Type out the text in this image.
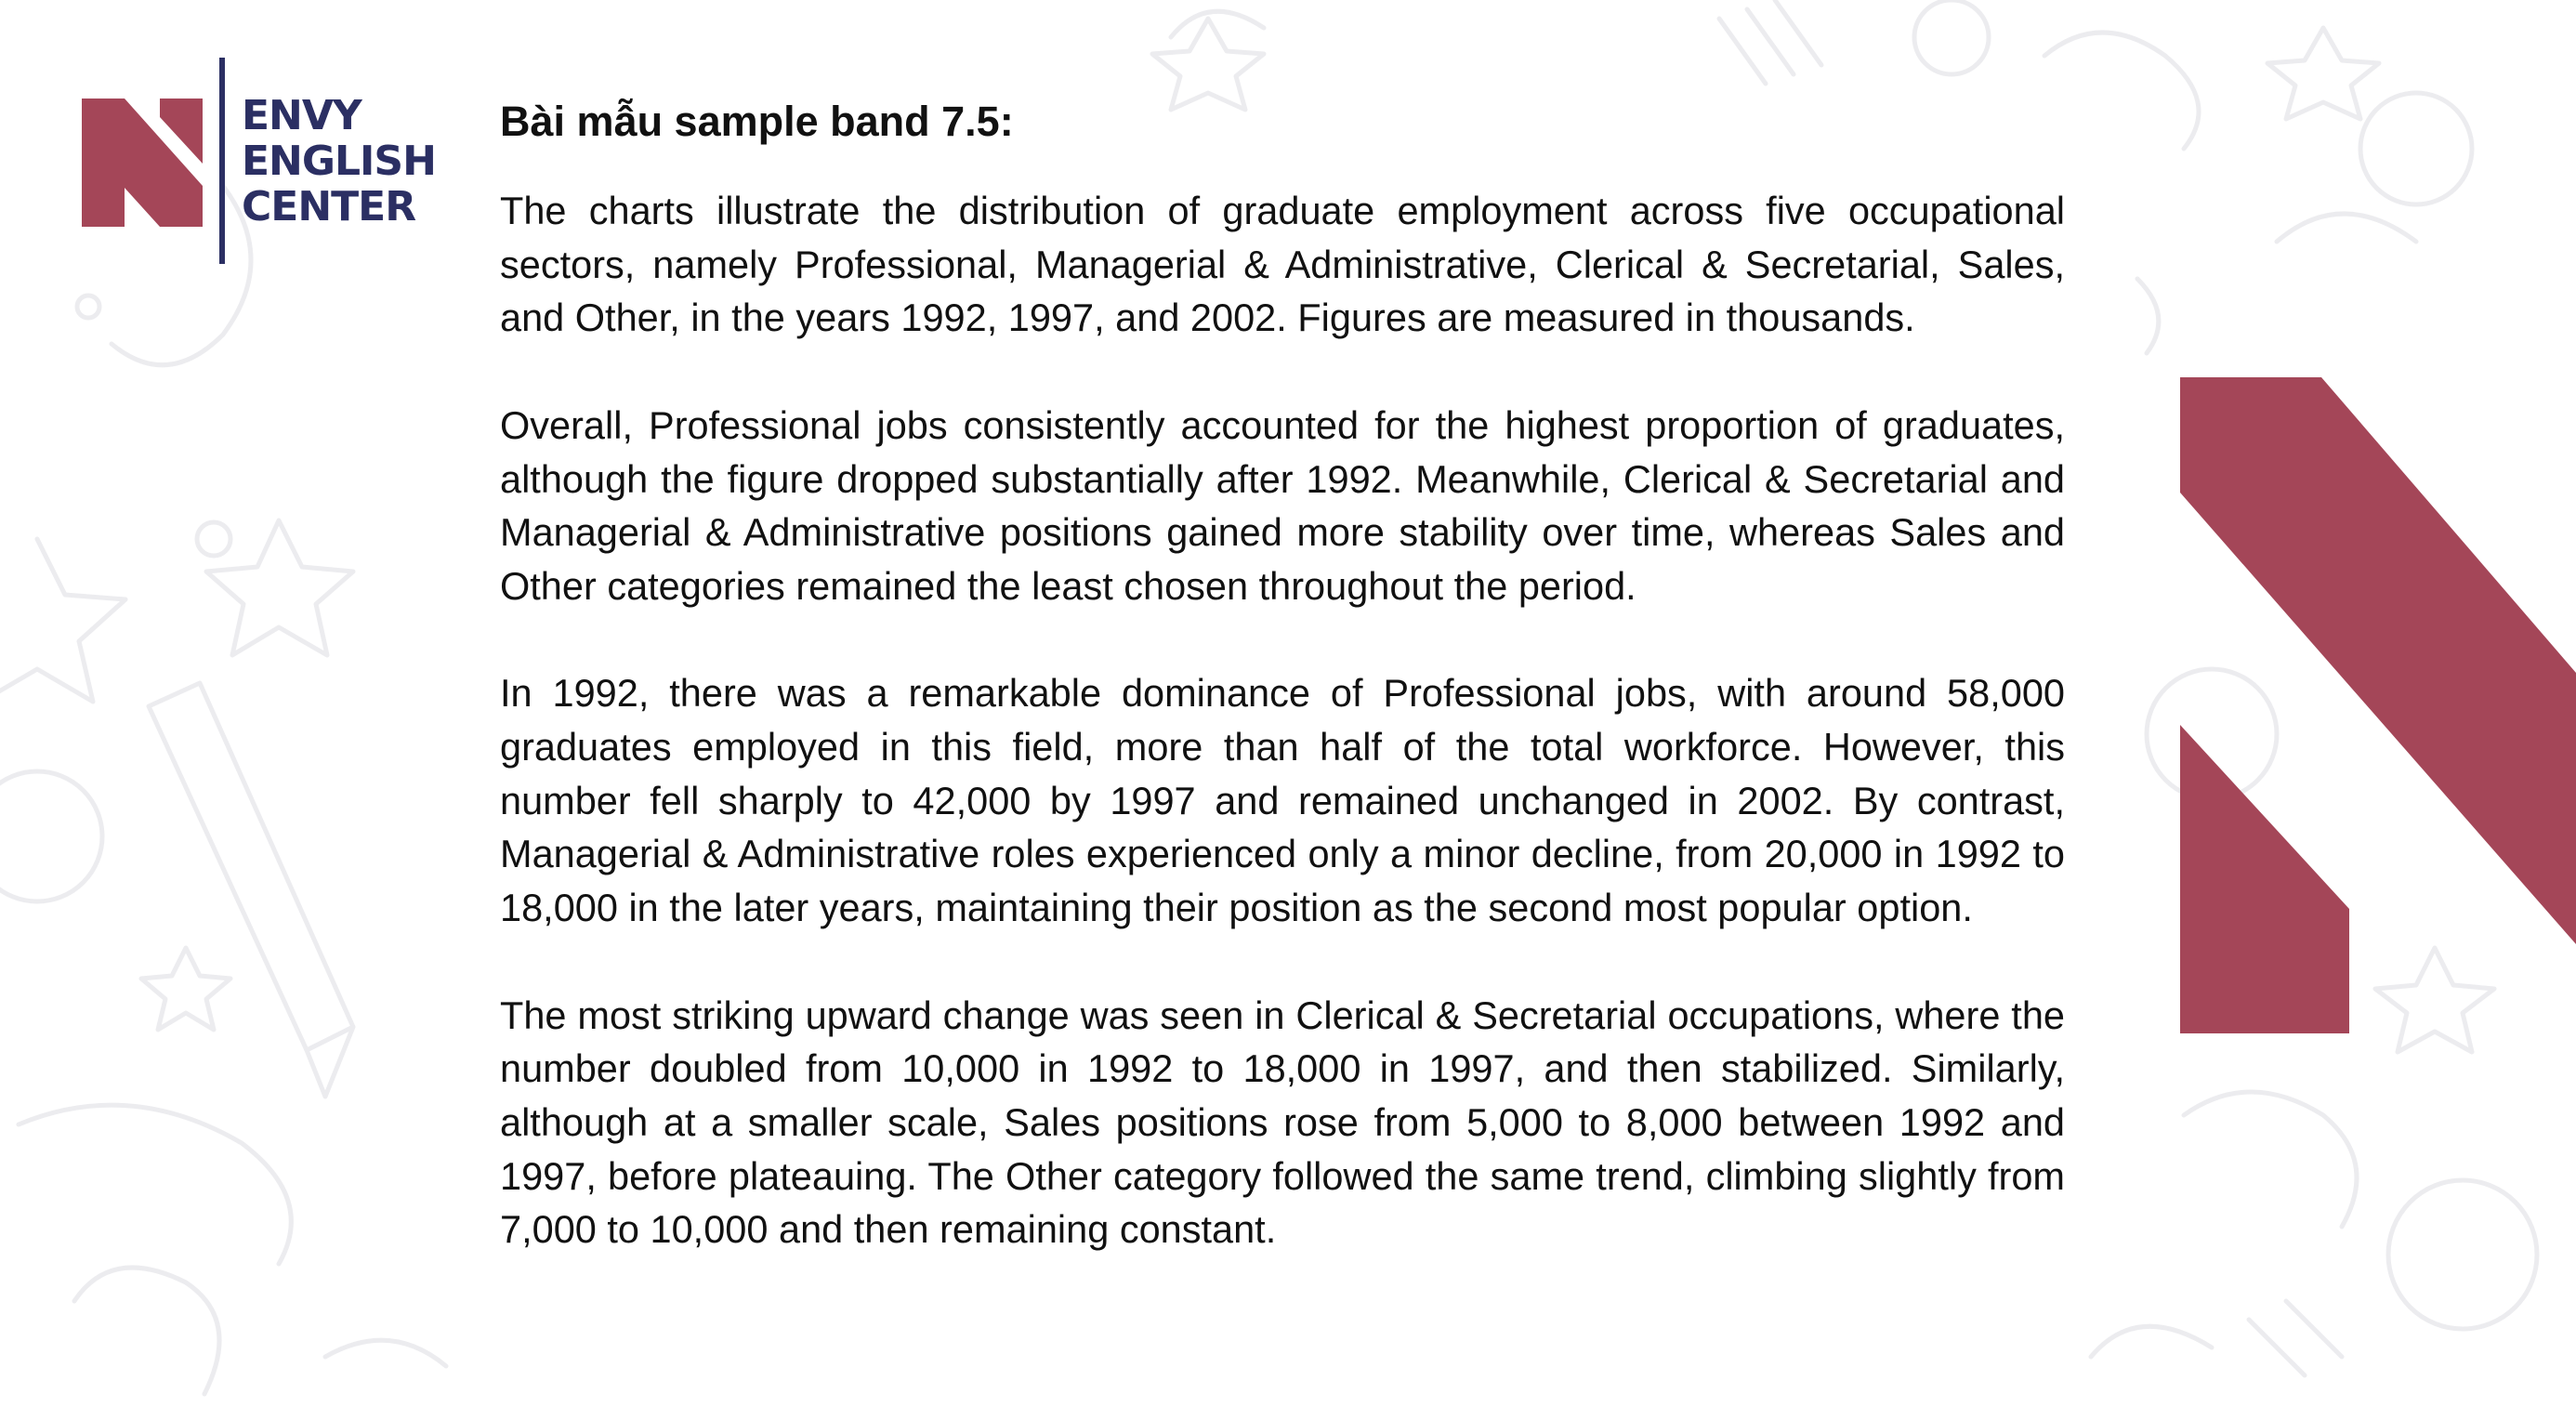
ENVY
ENGLISH
CENTER
Bài mẫu sample band 7.5:

The charts illustrate the distribution of graduate employment across five occupational sectors, namely Professional, Managerial & Administrative, Clerical & Secretarial, Sales, and Other, in the years 1992, 1997, and 2002. Figures are measured in thousands.

Overall, Professional jobs consistently accounted for the highest proportion of graduates, although the figure dropped substantially after 1992. Meanwhile, Clerical & Secretarial and Managerial & Administrative positions gained more stability over time, whereas Sales and Other categories remained the least chosen throughout the period.

In 1992, there was a remarkable dominance of Professional jobs, with around 58,000 graduates employed in this field, more than half of the total workforce. However, this number fell sharply to 42,000 by 1997 and remained unchanged in 2002. By contrast, Managerial & Administrative roles experienced only a minor decline, from 20,000 in 1992 to 18,000 in the later years, maintaining their position as the second most popular option.

The most striking upward change was seen in Clerical & Secretarial occupations, where the number doubled from 10,000 in 1992 to 18,000 in 1997, and then stabilized. Similarly, although at a smaller scale, Sales positions rose from 5,000 to 8,000 between 1992 and 1997, before plateauing. The Other category followed the same trend, climbing slightly from 7,000 to 10,000 and then remaining constant.
